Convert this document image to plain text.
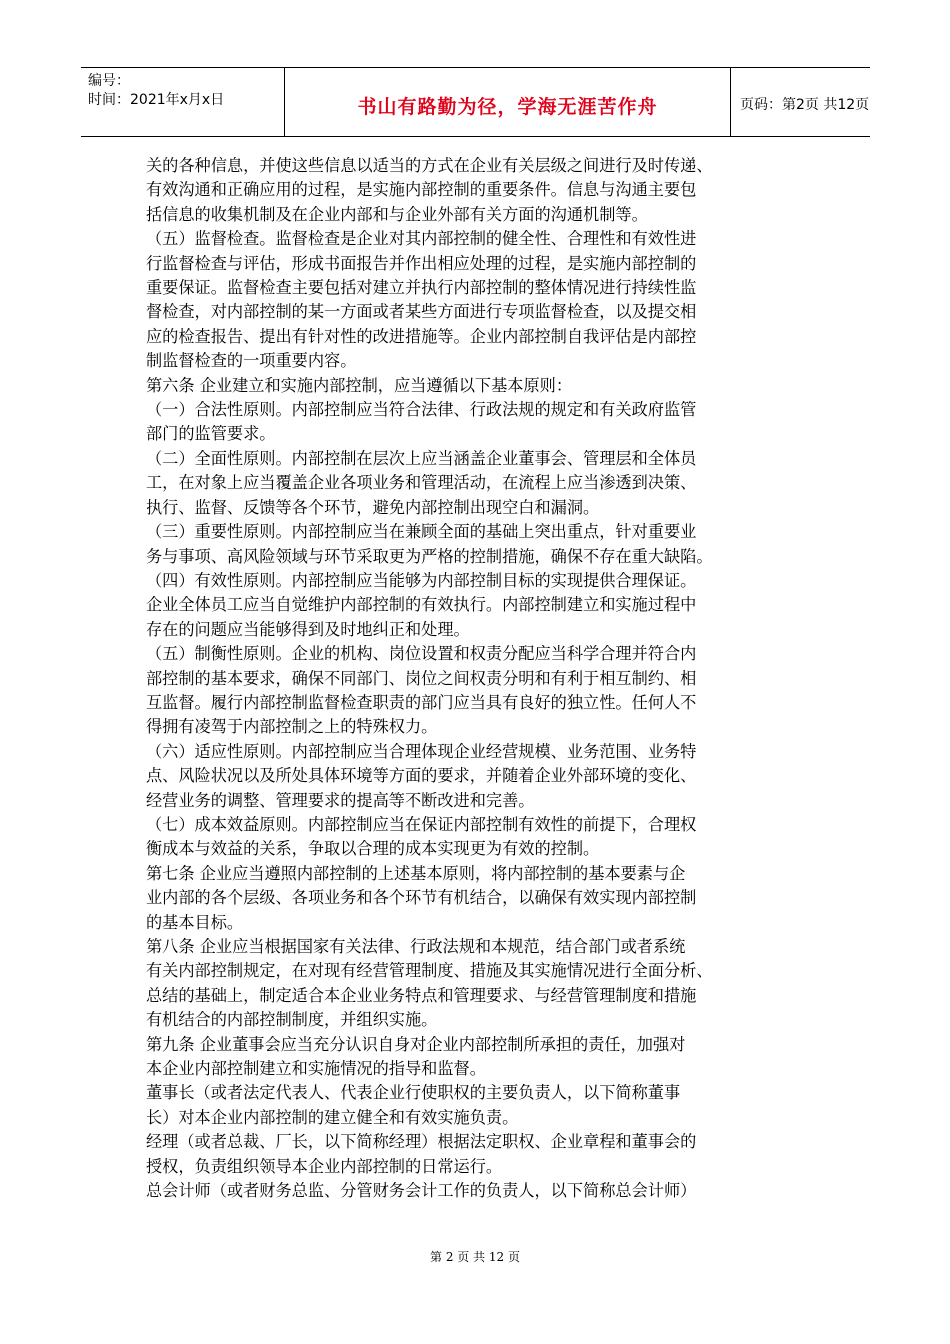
编号：
时间：2021年x月x日	书山有路勤为径，学海无涯苦作舟	页码：第2页 共12页

关的各种信息，并使这些信息以适当的方式在企业有关层级之间进行及时传递、

有效沟通和正确应用的过程，是实施内部控制的重要条件。信息与沟通主要包

括信息的收集机制及在企业内部和与企业外部有关方面的沟通机制等。

（五）监督检查。监督检查是企业对其内部控制的健全性、合理性和有效性进

行监督检查与评估，形成书面报告并作出相应处理的过程，是实施内部控制的

重要保证。监督检查主要包括对建立并执行内部控制的整体情况进行持续性监

督检查，对内部控制的某一方面或者某些方面进行专项监督检查，以及提交相

应的检查报告、提出有针对性的改进措施等。企业内部控制自我评估是内部控

制监督检查的一项重要内容。

第六条 企业建立和实施内部控制，应当遵循以下基本原则：

（一）合法性原则。内部控制应当符合法律、行政法规的规定和有关政府监管

部门的监管要求。

（二）全面性原则。内部控制在层次上应当涵盖企业董事会、管理层和全体员

工，在对象上应当覆盖企业各项业务和管理活动，在流程上应当渗透到决策、

执行、监督、反馈等各个环节，避免内部控制出现空白和漏洞。

（三）重要性原则。内部控制应当在兼顾全面的基础上突出重点，针对重要业

务与事项、高风险领域与环节采取更为严格的控制措施，确保不存在重大缺陷。

（四）有效性原则。内部控制应当能够为内部控制目标的实现提供合理保证。

企业全体员工应当自觉维护内部控制的有效执行。内部控制建立和实施过程中

存在的问题应当能够得到及时地纠正和处理。

（五）制衡性原则。企业的机构、岗位设置和权责分配应当科学合理并符合内

部控制的基本要求，确保不同部门、岗位之间权责分明和有利于相互制约、相

互监督。履行内部控制监督检查职责的部门应当具有良好的独立性。任何人不

得拥有凌驾于内部控制之上的特殊权力。

（六）适应性原则。内部控制应当合理体现企业经营规模、业务范围、业务特

点、风险状况以及所处具体环境等方面的要求，并随着企业外部环境的变化、

经营业务的调整、管理要求的提高等不断改进和完善。

（七）成本效益原则。内部控制应当在保证内部控制有效性的前提下，合理权

衡成本与效益的关系，争取以合理的成本实现更为有效的控制。

第七条 企业应当遵照内部控制的上述基本原则，将内部控制的基本要素与企

业内部的各个层级、各项业务和各个环节有机结合，以确保有效实现内部控制

的基本目标。

第八条 企业应当根据国家有关法律、行政法规和本规范，结合部门或者系统

有关内部控制规定，在对现有经营管理制度、措施及其实施情况进行全面分析、

总结的基础上，制定适合本企业业务特点和管理要求、与经营管理制度和措施

有机结合的内部控制制度，并组织实施。

第九条 企业董事会应当充分认识自身对企业内部控制所承担的责任，加强对

本企业内部控制建立和实施情况的指导和监督。

董事长（或者法定代表人、代表企业行使职权的主要负责人，以下简称董事

长）对本企业内部控制的建立健全和有效实施负责。

经理（或者总裁、厂长，以下简称经理）根据法定职权、企业章程和董事会的

授权，负责组织领导本企业内部控制的日常运行。

总会计师（或者财务总监、分管财务会计工作的负责人，以下简称总会计师）

第 2 页 共 12 页
